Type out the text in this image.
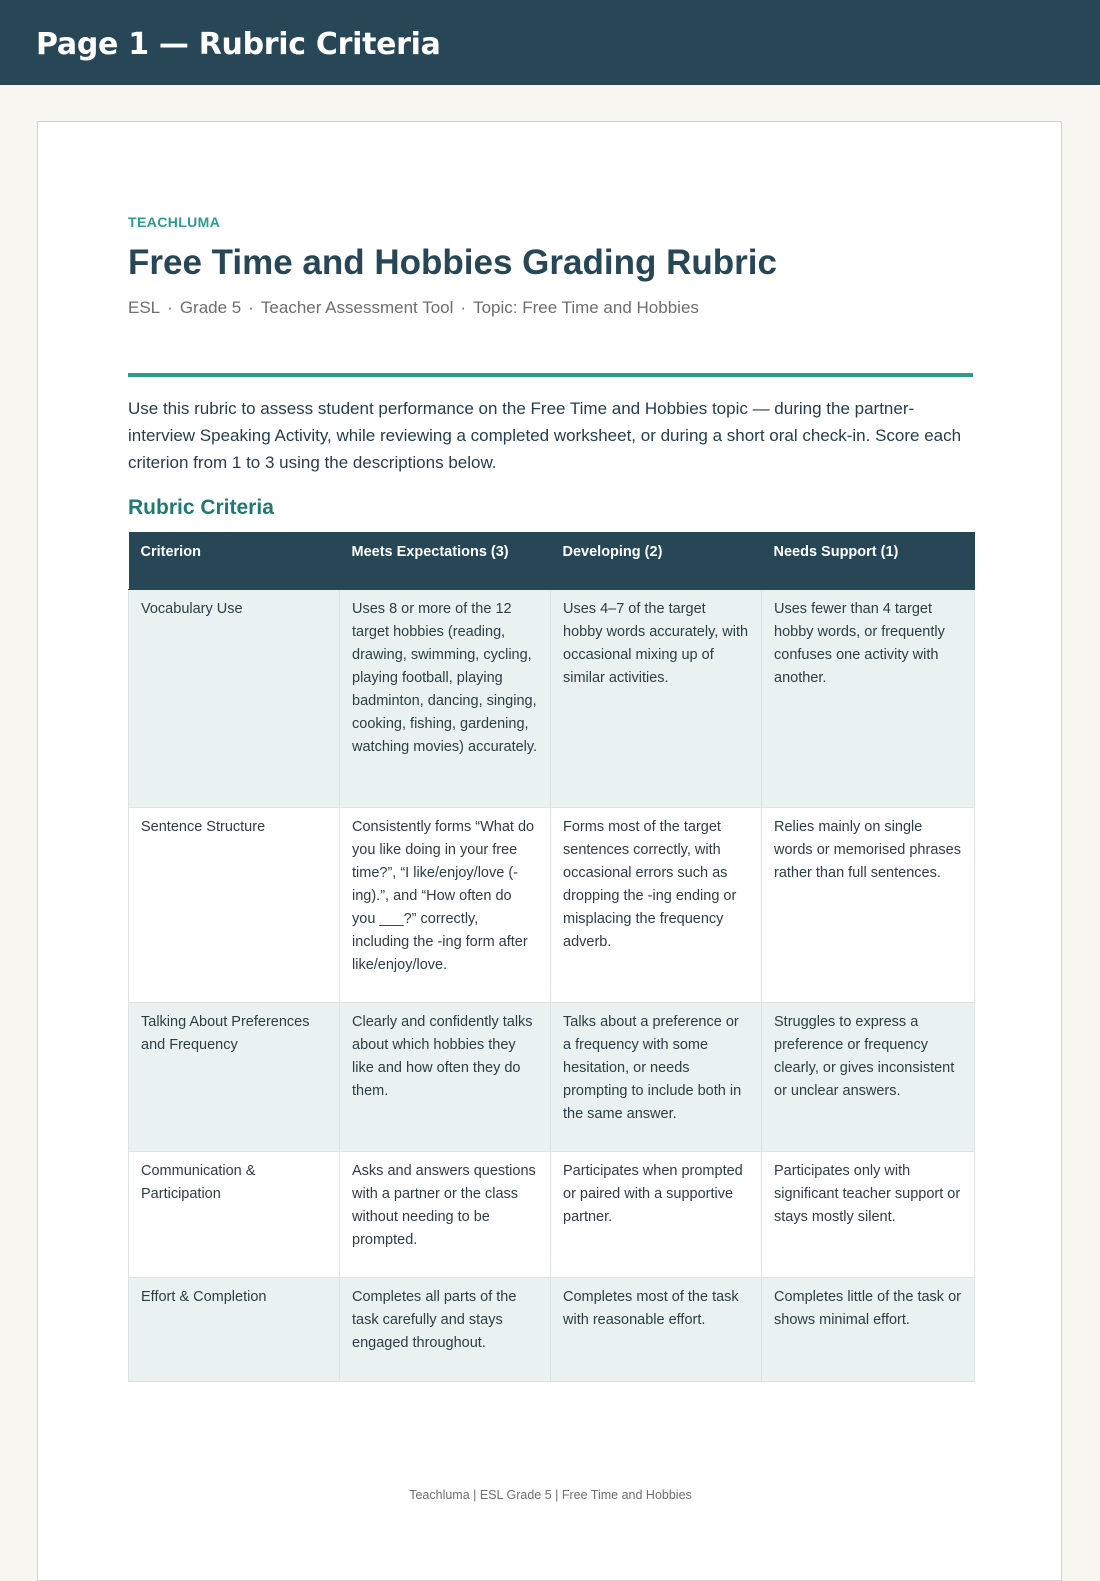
Page 1 — Rubric Criteria
TEACHLUMA
Free Time and Hobbies Grading Rubric
ESL · Grade 5 · Teacher Assessment Tool · Topic: Free Time and Hobbies

Use this rubric to assess student performance on the Free Time and Hobbies topic — during the partner-interview Speaking Activity, while reviewing a completed worksheet, or during a short oral check-in. Score each criterion from 1 to 3 using the descriptions below.

Rubric Criteria
Criterion	Meets Expectations (3)	Developing (2)	Needs Support (1)
Vocabulary Use	Uses 8 or more of the 12 target hobbies (reading, drawing, swimming, cycling, playing football, playing badminton, dancing, singing, cooking, fishing, gardening, watching movies) accurately.	Uses 4–7 of the target hobby words accurately, with occasional mixing up of similar activities.	Uses fewer than 4 target hobby words, or frequently confuses one activity with another.
Sentence Structure	Consistently forms “What do you like doing in your free time?”, “I like/enjoy/love (-ing).”, and “How often do you ___?” correctly, including the -ing form after like/enjoy/love.	Forms most of the target sentences correctly, with occasional errors such as dropping the -ing ending or misplacing the frequency adverb.	Relies mainly on single words or memorised phrases rather than full sentences.
Talking About Preferences and Frequency	Clearly and confidently talks about which hobbies they like and how often they do them.	Talks about a preference or a frequency with some hesitation, or needs prompting to include both in the same answer.	Struggles to express a preference or frequency clearly, or gives inconsistent or unclear answers.
Communication & Participation	Asks and answers questions with a partner or the class without needing to be prompted.	Participates when prompted or paired with a supportive partner.	Participates only with significant teacher support or stays mostly silent.
Effort & Completion	Completes all parts of the task carefully and stays engaged throughout.	Completes most of the task with reasonable effort.	Completes little of the task or shows minimal effort.
Teachluma | ESL Grade 5 | Free Time and Hobbies
